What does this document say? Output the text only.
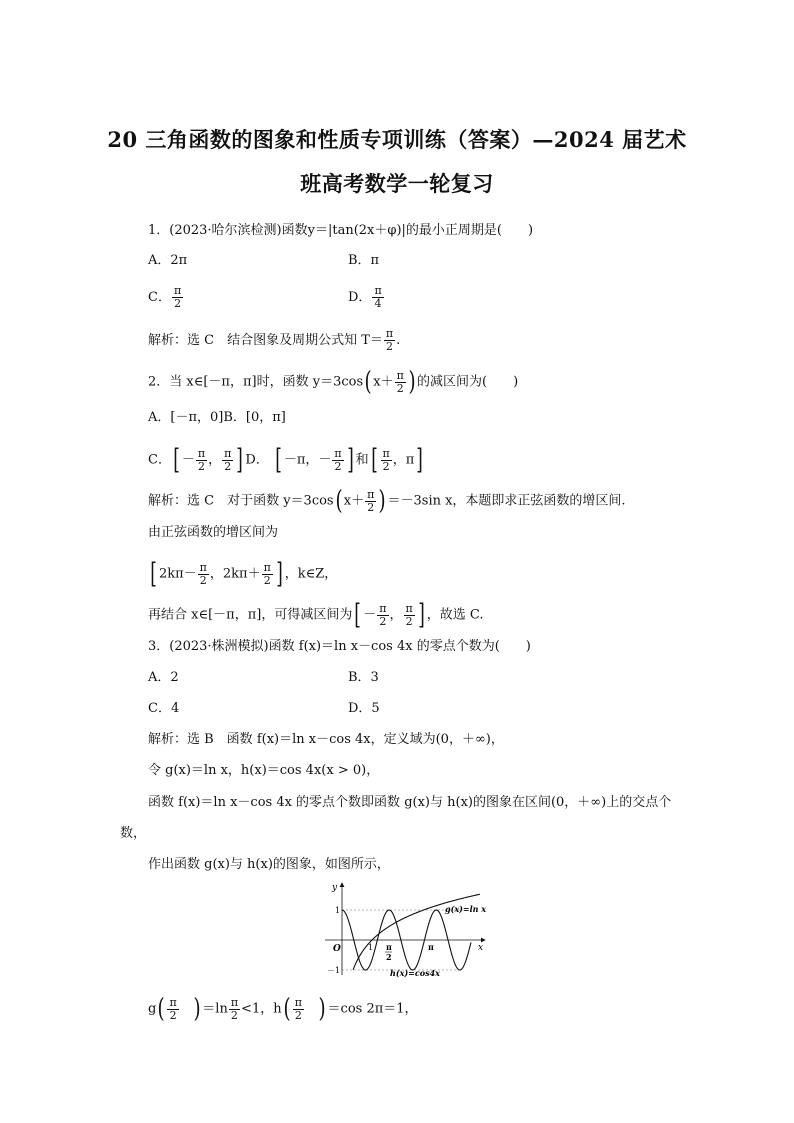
20 三角函数的图象和性质专项训练（答案）—2024 届艺术
班高考数学一轮复习
1．(2023·哈尔滨检测)函数y＝|tan(2x＋φ)|的最小正周期是(　　)
A．2π	B．π
C． $\frac{\pi}{2}$	D． $\frac{\pi}{4}$
解析：选 C　结合图象及周期公式知 $T= \frac{\pi}{2}$ .
2．当 x∈[－π，π]时，函数 y＝3cos( $x+ \frac{\pi}{2}$ ) 的减区间为(　　)
A．[－π，0]B．[0，π]
C．[ － $\frac{\pi}{2}$ ， $\frac{\pi}{2}$ ] D． [ －π，－ $\frac{\pi}{2}$ ] 和[ $\frac{\pi}{2}$ ，π]
解析：选 C　对于函数 y＝3cos( $x+ \frac{\pi}{2}$ ) ＝－3sin x，本题即求正弦函数的增区间.
由正弦函数的增区间为
[ $2k\pi- \frac{\pi}{2}$ ，$2k\pi+ \frac{\pi}{2}$ ] ，k∈Z，
再结合 x∈[－π，π]，可得减区间为[ － $\frac{\pi}{2}$ ， $\frac{\pi}{2}$ ] ，故选 C.
3．(2023·株洲模拟)函数 f(x)＝ln x－cos 4x 的零点个数为(　　)
A．2	B．3
C．4	D．5
解析：选 B　函数 f(x)＝ln x－cos 4x，定义域为(0，＋∞)，
令 g(x)＝ln x，h(x)＝cos 4x(x > 0)，
函数 f(x)＝ln x－cos 4x 的零点个数即函数 g(x)与 h(x)的图象在区间(0，＋∞)上的交点个
数，
作出函数 g(x)与 h(x)的图象，如图所示，
y
x
O
1
－1
1 π
2
π
g(x)=ln x
h(x)=cos4x
$g( \frac{\pi}{2}$ ) $=\ln \frac{\pi}{2} <1$，$h( \frac{\pi}{2}$ ) ＝cos 2π＝1，
